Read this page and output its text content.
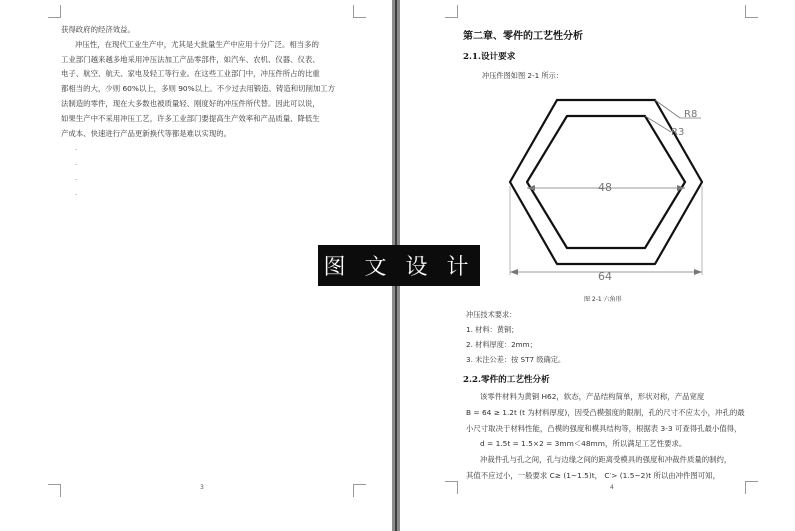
获得政府的经济效益。
冲压性，在现代工业生产中，尤其是大批量生产中应用十分广泛。相当多的
工业部门越来越多地采用冲压法加工产品零部件，如汽车、农机、仪器、仪表、
电子、航空、航天、家电及轻工等行业。在这些工业部门中，冲压件所占的比重
都相当的大，少则 60%以上，多则 90%以上。不少过去用锻造、铸造和切削加工方
法制造的零件，现在大多数也被质量轻、刚度好的冲压件所代替。因此可以说，
如果生产中不采用冲压工艺，许多工业部门要提高生产效率和产品质量、降低生
产成本、快速进行产品更新换代等都是难以实现的。
.
.
.
.
3
第二章、零件的工艺性分析
2.1.设计要求
冲压件图如图 2-1 所示：
48
64
R8
R3
图 2-1 六角形
冲压技术要求：
1. 材料：黄铜；
2. 材料厚度：2mm；
3. 未注公差：按 ST7 级确定。
2.2.零件的工艺性分析
该零件材料为黄铜 H62，软态，产品结构简单，形状对称，产品宽度
B = 64 ≥ 1.2t (t 为材料厚度)，因受凸模强度的限制，孔的尺寸不应太小，冲孔的最
小尺寸取决于材料性能，凸模的强度和模具结构等，根据表 3-3 可查得孔最小值得，
d = 1.5t = 1.5×2 = 3mm＜48mm，所以满足工艺性要求。
冲裁件孔与孔之间，孔与边缘之间的距离受模具的强度和冲裁件质量的制约，
其值不应过小，一般要求 C≥ (1~1.5)t， C′> (1.5~2)t 所以由冲件图可知，
4
图 文 设 计
